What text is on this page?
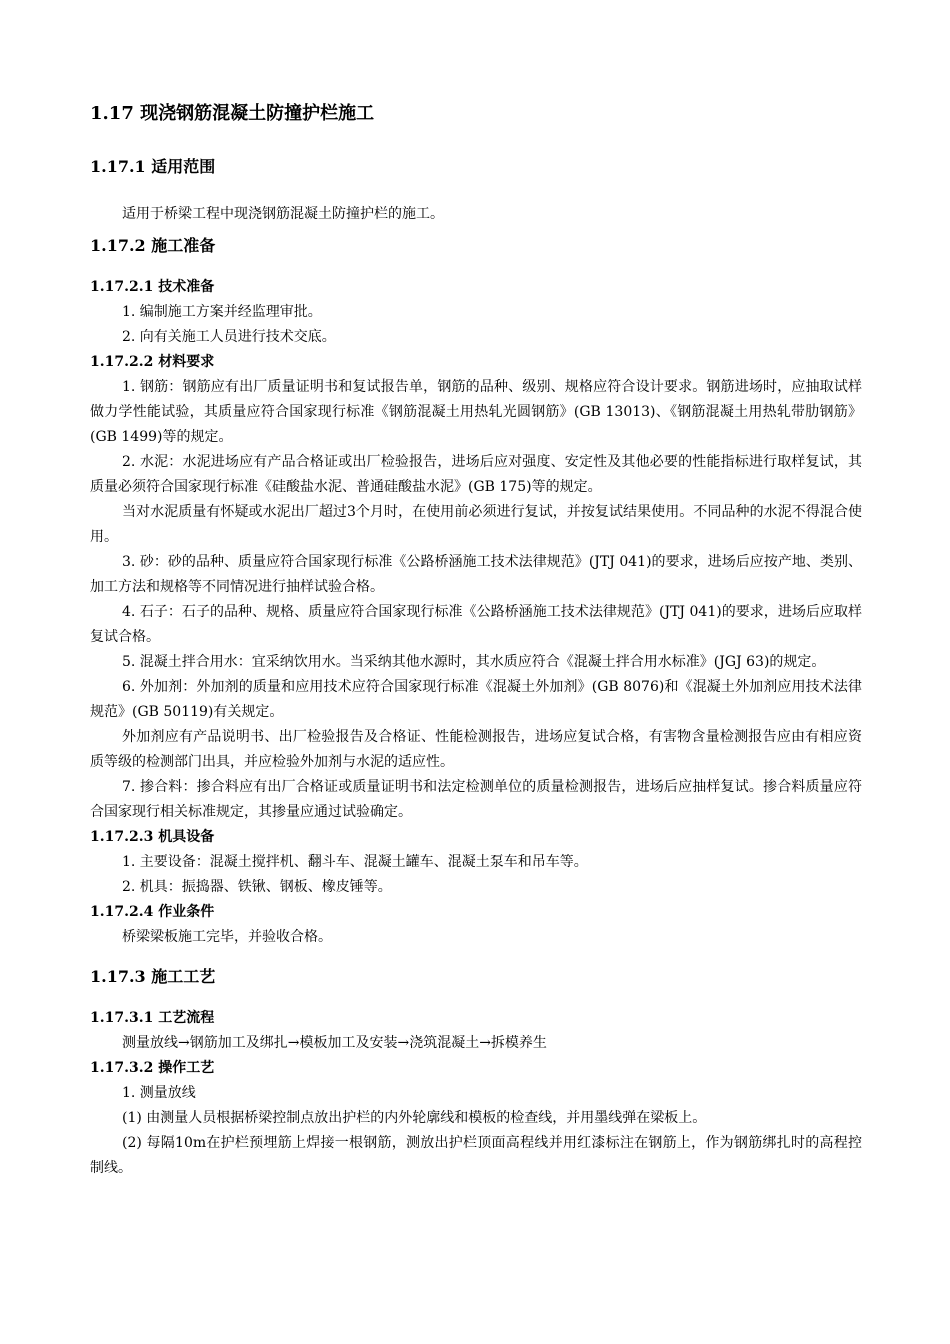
1.17 现浇钢筋混凝土防撞护栏施工
1.17.1 适用范围
适用于桥梁工程中现浇钢筋混凝土防撞护栏的施工。
1.17.2 施工准备
1.17.2.1 技术准备
1. 编制施工方案并经监理审批。
2. 向有关施工人员进行技术交底。
1.17.2.2 材料要求
1. 钢筋：钢筋应有出厂质量证明书和复试报告单，钢筋的品种、级别、规格应符合设计要求。钢筋进场时，应抽取试样做力学性能试验，其质量应符合国家现行标准《钢筋混凝土用热轧光圆钢筋》(GB 13013)、《钢筋混凝土用热轧带肋钢筋》(GB 1499)等的规定。
2. 水泥：水泥进场应有产品合格证或出厂检验报告，进场后应对强度、安定性及其他必要的性能指标进行取样复试，其质量必须符合国家现行标准《硅酸盐水泥、普通硅酸盐水泥》(GB 175)等的规定。
当对水泥质量有怀疑或水泥出厂超过3个月时，在使用前必须进行复试，并按复试结果使用。不同品种的水泥不得混合使用。
3. 砂：砂的品种、质量应符合国家现行标准《公路桥涵施工技术法律规范》(JTJ 041)的要求，进场后应按产地、类别、加工方法和规格等不同情况进行抽样试验合格。
4. 石子：石子的品种、规格、质量应符合国家现行标准《公路桥涵施工技术法律规范》(JTJ 041)的要求，进场后应取样复试合格。
5. 混凝土拌合用水：宜采纳饮用水。当采纳其他水源时，其水质应符合《混凝土拌合用水标准》(JGJ 63)的规定。
6. 外加剂：外加剂的质量和应用技术应符合国家现行标准《混凝土外加剂》(GB 8076)和《混凝土外加剂应用技术法律规范》(GB 50119)有关规定。
外加剂应有产品说明书、出厂检验报告及合格证、性能检测报告，进场应复试合格，有害物含量检测报告应由有相应资质等级的检测部门出具，并应检验外加剂与水泥的适应性。
7. 掺合料：掺合料应有出厂合格证或质量证明书和法定检测单位的质量检测报告，进场后应抽样复试。掺合料质量应符合国家现行相关标准规定，其掺量应通过试验确定。
1.17.2.3 机具设备
1. 主要设备：混凝土搅拌机、翻斗车、混凝土罐车、混凝土泵车和吊车等。
2. 机具：振捣器、铁锹、钢板、橡皮锤等。
1.17.2.4 作业条件
桥梁梁板施工完毕，并验收合格。
1.17.3 施工工艺
1.17.3.1 工艺流程
测量放线→钢筋加工及绑扎→模板加工及安装→浇筑混凝土→拆模养生
1.17.3.2 操作工艺
1. 测量放线
(1) 由测量人员根据桥梁控制点放出护栏的内外轮廓线和模板的检查线，并用墨线弹在梁板上。
(2) 每隔10m在护栏预埋筋上焊接一根钢筋，测放出护栏顶面高程线并用红漆标注在钢筋上，作为钢筋绑扎时的高程控制线。
